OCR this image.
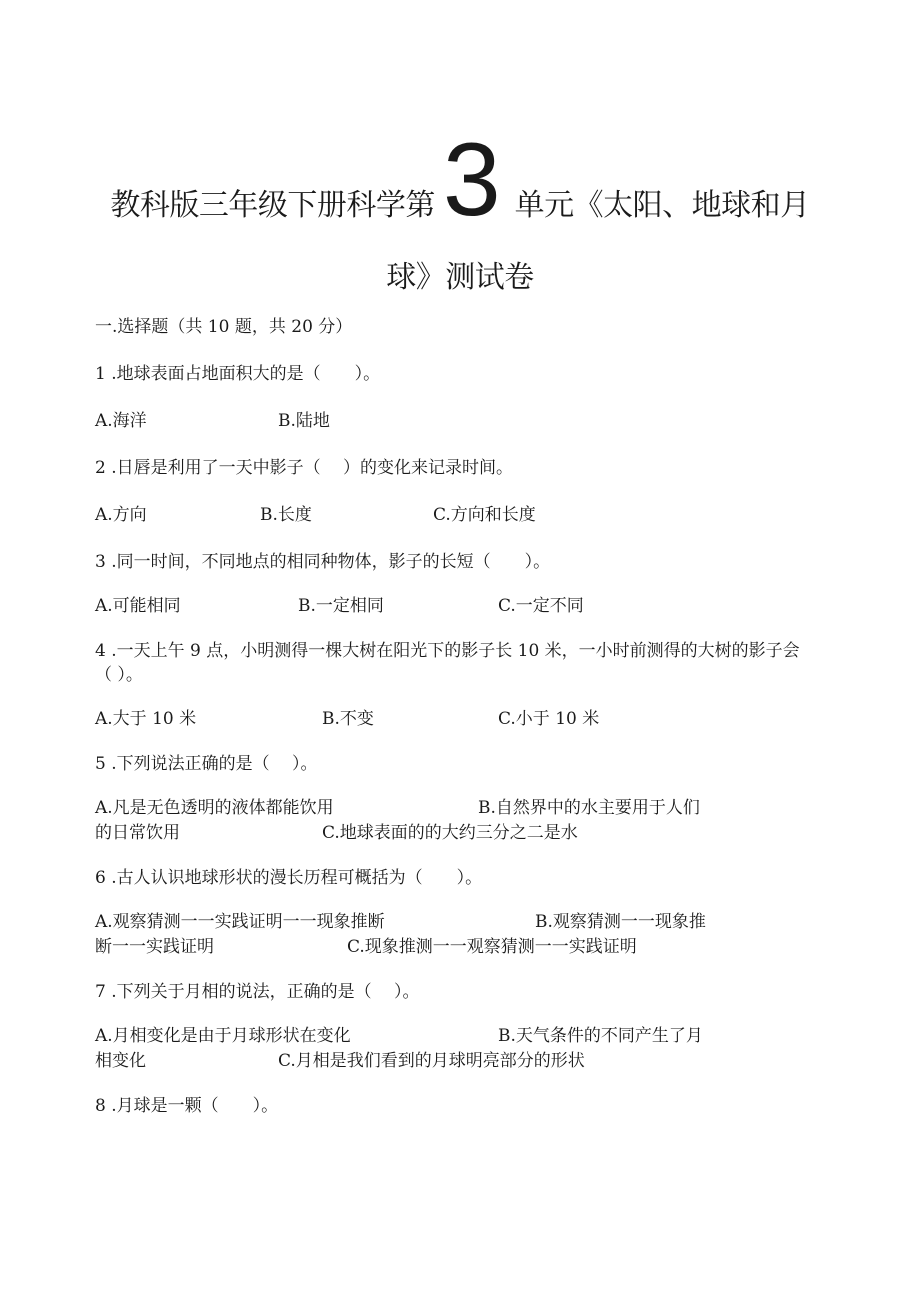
教科版三年级下册科学第3 单元《太阳、地球和月
球》测试卷
一.选择题（共 10 题，共 20 分）
1 .地球表面占地面积大的是（　　）。
A.海洋	B.陆地
2 .日唇是利用了一天中影子（　 ）的变化来记录时间。
A.方向	B.长度	C.方向和长度
3 .同一时间，不同地点的相同种物体，影子的长短（　　）。
A.可能相同	B.一定相同	C.一定不同
4 .一天上午 9 点，小明测得一棵大树在阳光下的影子长 10 米，一小时前测得的大树的影子会
（ ）。
A.大于 10 米	B.不变	C.小于 10 米
5 .下列说法正确的是（　 ）。
A.凡是无色透明的液体都能饮用	B.自然界中的水主要用于人们
的日常饮用	C.地球表面的的大约三分之二是水
6 .古人认识地球形状的漫长历程可概括为（　　）。
A.观察猜测一一实践证明一一现象推断	B.观察猜测一一现象推
断一一实践证明	C.现象推测一一观察猜测一一实践证明
7 .下列关于月相的说法，正确的是（　 ）。
A.月相变化是由于月球形状在变化	B.天气条件的不同产生了月
相变化	C.月相是我们看到的月球明亮部分的形状
8 .月球是一颗（　　）。
